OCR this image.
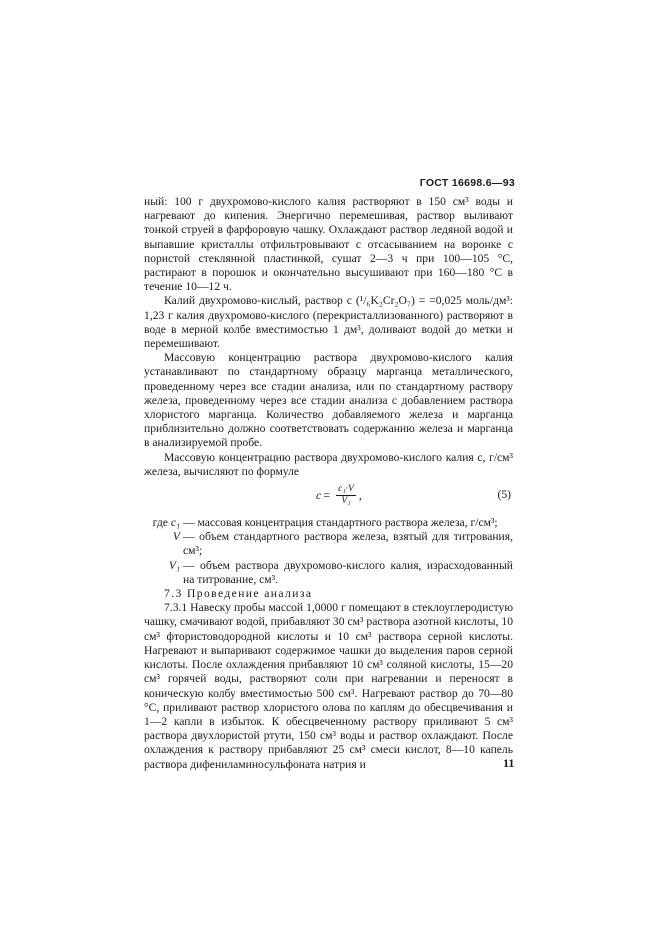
ГОСТ 16698.6—93

ный: 100 г двухромово-кислого калия растворяют в 150 см³ воды и нагревают до кипения. Энергично перемешивая, раствор выливают тонкой струей в фарфоровую чашку. Охлаждают раствор ледяной водой и выпавшие кристаллы отфильтровывают с отсасыванием на воронке с пористой стеклянной пластинкой, сушат 2—3 ч при 100—105 °С, растирают в порошок и окончательно высушивают при 160—180 °С в течение 10—12 ч.

Калий двухромово-кислый, раствор c (¹/₆K₂Cr₂O₇) = =0,025 моль/дм³: 1,23 г калия двухромово-кислого (перекристаллизованного) растворяют в воде в мерной колбе вместимостью 1 дм³, доливают водой до метки и перемешивают.

Массовую концентрацию раствора двухромово-кислого калия устанавливают по стандартному образцу марганца металлического, проведенному через все стадии анализа, или по стандартному раствору железа, проведенному через все стадии анализа с добавлением раствора хлористого марганца. Количество добавляемого железа и марганца приблизительно должно соответствовать содержанию железа и марганца в анализируемой пробе.

Массовую концентрацию раствора двухромово-кислого калия c, г/см³ железа, вычисляют по формуле

$c = \frac{\text{c₁·V}}{\text{V₁}}$ ,	(5)
где c₁ — массовая концентрация стандартного раствора железа, г/см³;
V — объем стандартного раствора железа, взятый для титрования, см³;
V₁ — объем раствора двухромово-кислого калия, израсходованный на титрование, см³.

7.3 Проведение анализа

7.3.1 Навеску пробы массой 1,0000 г помещают в стеклоуглеродистую чашку, смачивают водой, прибавляют 30 см³ раствора азотной кислоты, 10 см³ фтористоводородной кислоты и 10 см³ раствора серной кислоты. Нагревают и выпаривают содержимое чашки до выделения паров серной кислоты. После охлаждения прибавляют 10 см³ соляной кислоты, 15—20 см³ горячей воды, растворяют соли при нагревании и переносят в коническую колбу вместимостью 500 см³. Нагревают раствор до 70—80 °С, приливают раствор хлористого олова по каплям до обесцвечивания и 1—2 капли в избыток. К обесцвеченному раствору приливают 5 см³ раствора двухлористой ртути, 150 см³ воды и раствор охлаждают. После охлаждения к раствору прибавляют 25 см³ смеси кислот, 8—10 капель раствора дифениламиносульфоната натрия и	11
